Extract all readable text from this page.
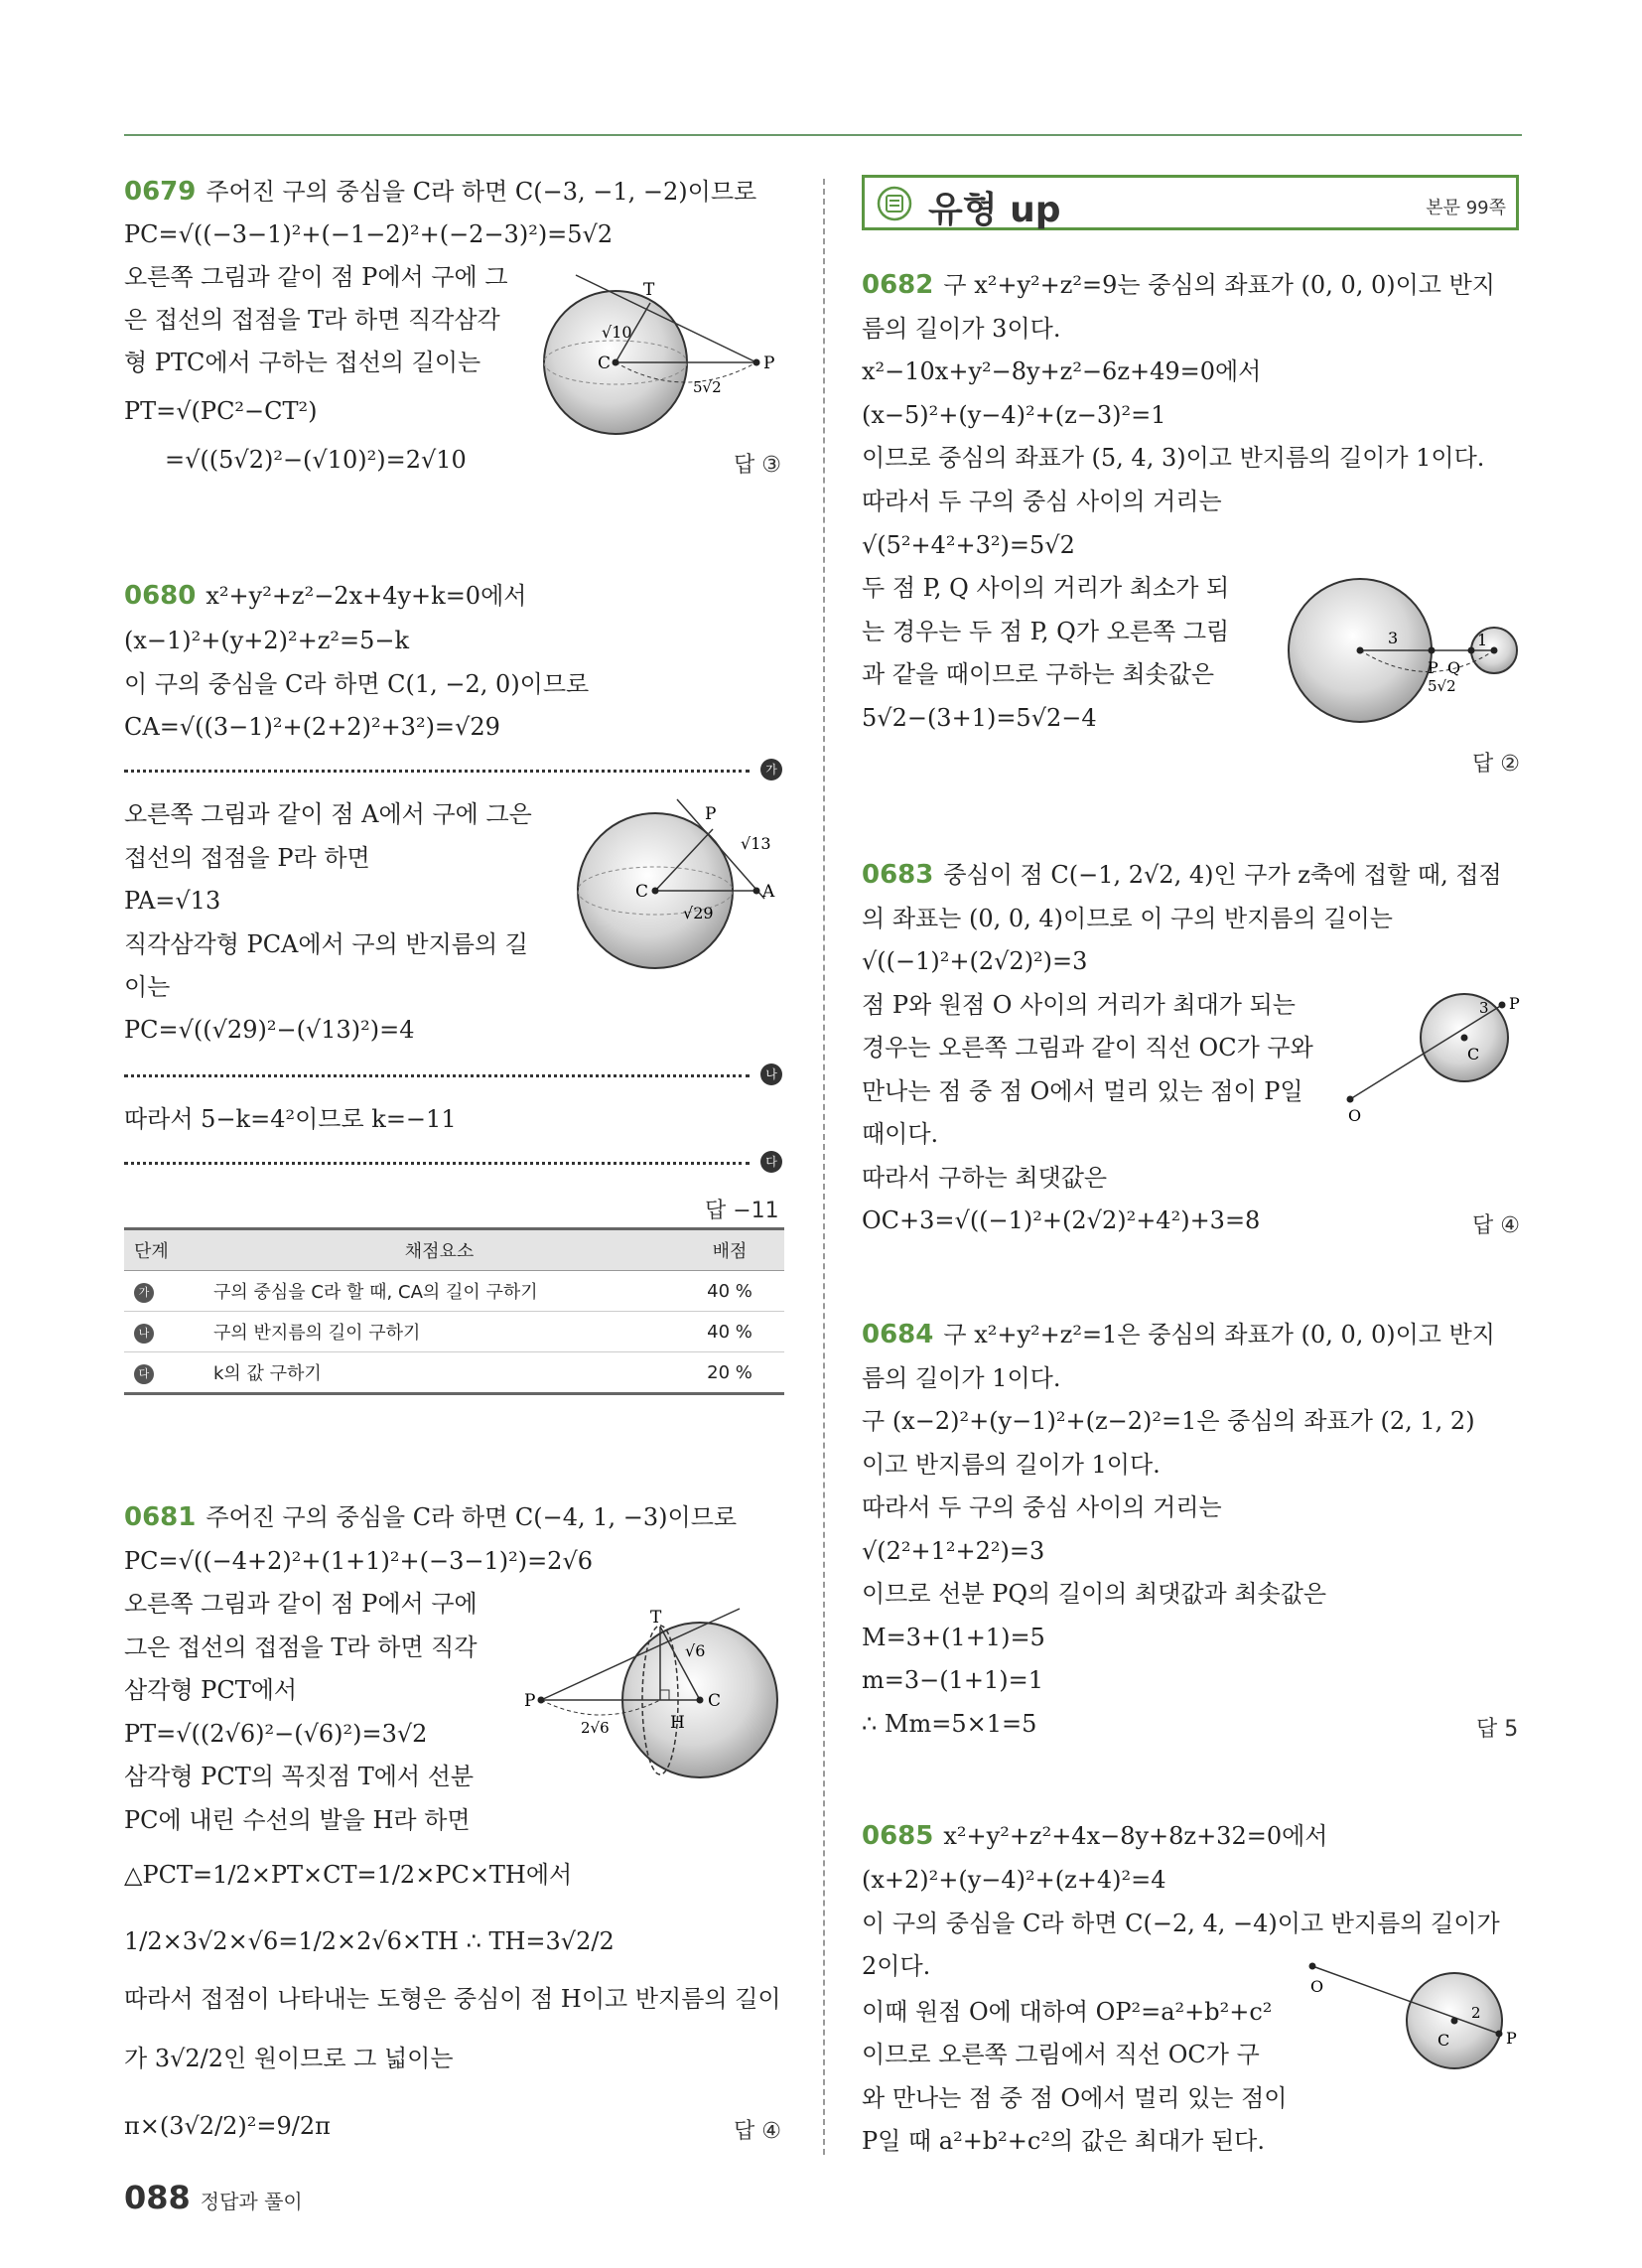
0679 주어진 구의 중심을 C라 하면 C(−3, −1, −2)이므로
PC=√((−3−1)²+(−1−2)²+(−2−3)²)=5√2
오른쪽 그림과 같이 점 P에서 구에 그
은 접선의 접점을 T라 하면 직각삼각
형 PTC에서 구하는 접선의 길이는
PT=√(PC²−CT²)
=√((5√2)²−(√10)²)=2√10	답 ③
T
C	P
√10
5√2
0680 x²+y²+z²−2x+4y+k=0에서
(x−1)²+(y+2)²+z²=5−k
이 구의 중심을 C라 하면 C(1, −2, 0)이므로
CA=√((3−1)²+(2+2)²+3²)=√29
가
오른쪽 그림과 같이 점 A에서 구에 그은
접선의 접점을 P라 하면
PA=√13
직각삼각형 PCA에서 구의 반지름의 길
이는
PC=√((√29)²−(√13)²)=4
나
따라서 5−k=4²이므로 k=−11
다
답 −11
P
C	A
√13
√29
단계	채점요소	배점
가	구의 중심을 C라 할 때, CA의 길이 구하기	40 %
나	구의 반지름의 길이 구하기	40 %
다	k의 값 구하기	20 %
0681 주어진 구의 중심을 C라 하면 C(−4, 1, −3)이므로
PC=√((−4+2)²+(1+1)²+(−3−1)²)=2√6
오른쪽 그림과 같이 점 P에서 구에
그은 접선의 접점을 T라 하면 직각
삼각형 PCT에서
PT=√((2√6)²−(√6)²)=3√2
삼각형 PCT의 꼭짓점 T에서 선분
PC에 내린 수선의 발을 H라 하면
△PCT=1/2×PT×CT=1/2×PC×TH에서
1/2×3√2×√6=1/2×2√6×TH ∴ TH=3√2/2
따라서 접점이 나타내는 도형은 중심이 점 H이고 반지름의 길이
가 3√2/2인 원이므로 그 넓이는
π×(3√2/2)²=9/2π	답 ④
T
P	C
H
√6
2√6
유형 up	본문 99쪽
0682 구 x²+y²+z²=9는 중심의 좌표가 (0, 0, 0)이고 반지
름의 길이가 3이다.
x²−10x+y²−8y+z²−6z+49=0에서
(x−5)²+(y−4)²+(z−3)²=1
이므로 중심의 좌표가 (5, 4, 3)이고 반지름의 길이가 1이다.
따라서 두 구의 중심 사이의 거리는
√(5²+4²+3²)=5√2
두 점 P, Q 사이의 거리가 최소가 되
는 경우는 두 점 P, Q가 오른쪽 그림
과 같을 때이므로 구하는 최솟값은
5√2−(3+1)=5√2−4
답 ②
3	1
P Q
5√2
0683 중심이 점 C(−1, 2√2, 4)인 구가 z축에 접할 때, 접점
의 좌표는 (0, 0, 4)이므로 이 구의 반지름의 길이는
√((−1)²+(2√2)²)=3
점 P와 원점 O 사이의 거리가 최대가 되는
경우는 오른쪽 그림과 같이 직선 OC가 구와
만나는 점 중 점 O에서 멀리 있는 점이 P일
때이다.
따라서 구하는 최댓값은
OC+3=√((−1)²+(2√2)²+4²)+3=8	답 ④
3 P
C
O
0684 구 x²+y²+z²=1은 중심의 좌표가 (0, 0, 0)이고 반지
름의 길이가 1이다.
구 (x−2)²+(y−1)²+(z−2)²=1은 중심의 좌표가 (2, 1, 2)
이고 반지름의 길이가 1이다.
따라서 두 구의 중심 사이의 거리는
√(2²+1²+2²)=3
이므로 선분 PQ의 길이의 최댓값과 최솟값은
M=3+(1+1)=5
m=3−(1+1)=1
∴ Mm=5×1=5	답 5
0685 x²+y²+z²+4x−8y+8z+32=0에서
(x+2)²+(y−4)²+(z+4)²=4
이 구의 중심을 C라 하면 C(−2, 4, −4)이고 반지름의 길이가
2이다.
이때 원점 O에 대하여 OP²=a²+b²+c²
이므로 오른쪽 그림에서 직선 OC가 구
와 만나는 점 중 점 O에서 멀리 있는 점이
P일 때 a²+b²+c²의 값은 최대가 된다.
O
C	P
2
088 정답과 풀이
